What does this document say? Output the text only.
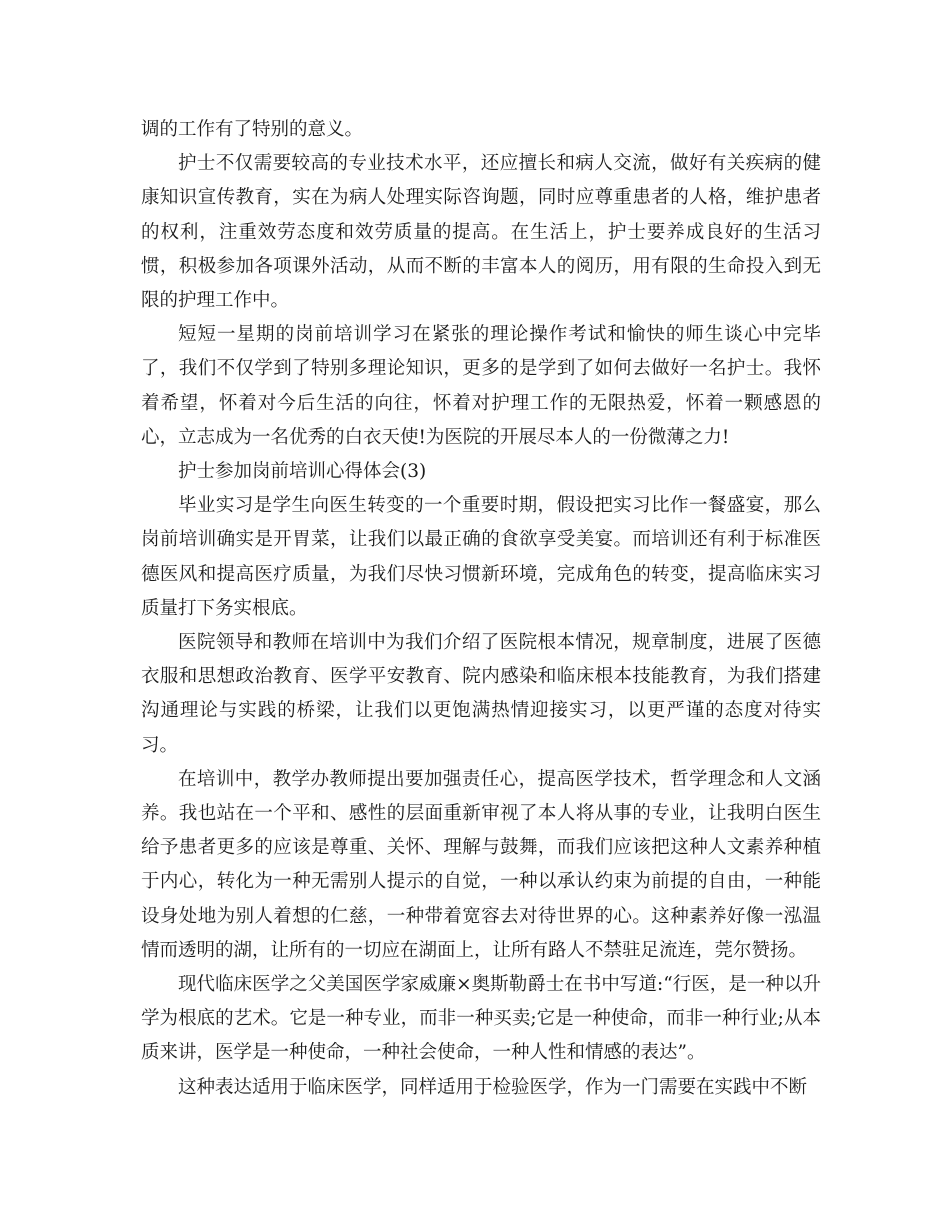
调的工作有了特别的意义。

护士不仅需要较高的专业技术水平，还应擅长和病人交流，做好有关疾病的健康知识宣传教育，实在为病人处理实际咨询题，同时应尊重患者的人格，维护患者的权利，注重效劳态度和效劳质量的提高。在生活上，护士要养成良好的生活习惯，积极参加各项课外活动，从而不断的丰富本人的阅历，用有限的生命投入到无限的护理工作中。

短短一星期的岗前培训学习在紧张的理论操作考试和愉快的师生谈心中完毕了，我们不仅学到了特别多理论知识，更多的是学到了如何去做好一名护士。我怀着希望，怀着对今后生活的向往，怀着对护理工作的无限热爱，怀着一颗感恩的心，立志成为一名优秀的白衣天使!为医院的开展尽本人的一份微薄之力!

护士参加岗前培训心得体会(3)

毕业实习是学生向医生转变的一个重要时期，假设把实习比作一餐盛宴，那么岗前培训确实是开胃菜，让我们以最正确的食欲享受美宴。而培训还有利于标准医德医风和提高医疗质量，为我们尽快习惯新环境，完成角色的转变，提高临床实习质量打下务实根底。

医院领导和教师在培训中为我们介绍了医院根本情况，规章制度，进展了医德衣服和思想政治教育、医学平安教育、院内感染和临床根本技能教育，为我们搭建沟通理论与实践的桥梁，让我们以更饱满热情迎接实习，以更严谨的态度对待实习。

在培训中，教学办教师提出要加强责任心，提高医学技术，哲学理念和人文涵养。我也站在一个平和、感性的层面重新审视了本人将从事的专业，让我明白医生给予患者更多的应该是尊重、关怀、理解与鼓舞，而我们应该把这种人文素养种植于内心，转化为一种无需别人提示的自觉，一种以承认约束为前提的自由，一种能设身处地为别人着想的仁慈，一种带着宽容去对待世界的心。这种素养好像一泓温情而透明的湖，让所有的一切应在湖面上，让所有路人不禁驻足流连，莞尔赞扬。

现代临床医学之父美国医学家威廉×奥斯勒爵士在书中写道:“行医，是一种以升学为根底的艺术。它是一种专业，而非一种买卖;它是一种使命，而非一种行业;从本质来讲，医学是一种使命，一种社会使命，一种人性和情感的表达”。

这种表达适用于临床医学，同样适用于检验医学，作为一门需要在实践中不断
